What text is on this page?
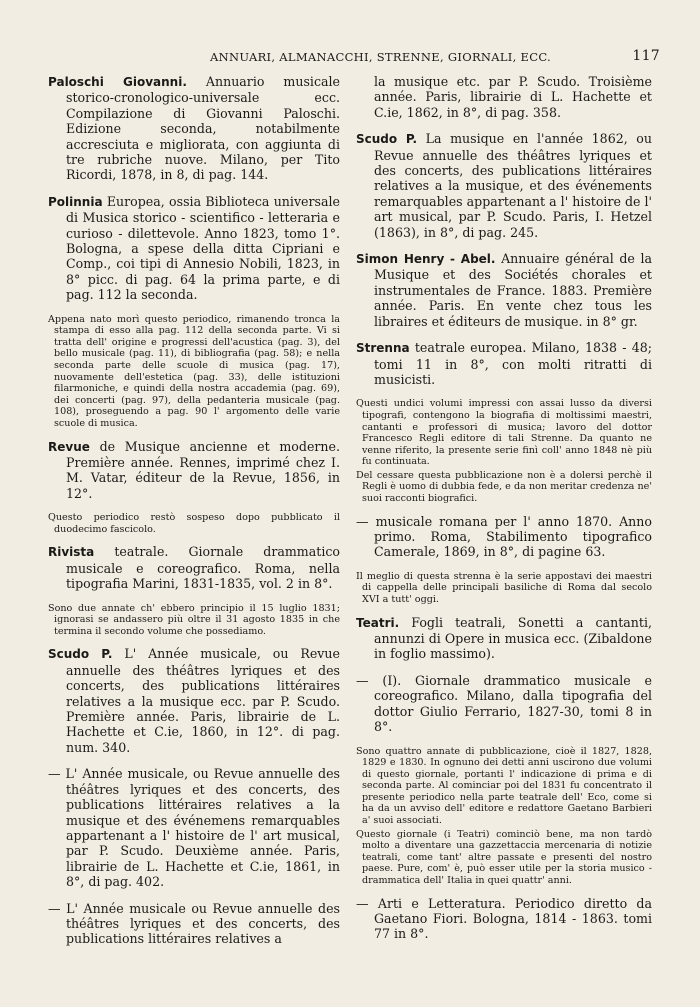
ANNUARI, ALMANACCHI, STRENNE, GIORNALI, ECC.	117
Paloschi Giovanni. Annuario musicale storico-cronologico-universale ecc. Compilazione di Giovanni Paloschi. Edizione seconda, notabilmente accresciuta e migliorata, con aggiunta di tre rubriche nuove. Milano, per Tito Ricordi, 1878, in 8, di pag. 144.
Polinnia Europea, ossia Biblioteca universale di Musica storico - scientifico - letteraria e curioso - dilettevole. Anno 1823, tomo 1°. Bologna, a spese della ditta Cipriani e Comp., coi tipi di Annesio Nobili, 1823, in 8° picc. di pag. 64 la prima parte, e di pag. 112 la seconda.

Appena nato morì questo periodico, rimanendo tronca la stampa di esso alla pag. 112 della seconda parte. Vi si tratta dell' origine e progressi dell'acustica (pag. 3), del bello musicale (pag. 11), di bibliografia (pag. 58); e nella seconda parte delle scuole di musica (pag. 17), nuovamente dell'estetica (pag. 33), delle istituzioni filarmoniche, e quindi della nostra accademia (pag. 69), dei concerti (pag. 97), della pedanteria musicale (pag. 108), proseguendo a pag. 90 l' argomento delle varie scuole di musica.

Revue de Musique ancienne et moderne. Première année. Rennes, imprimé chez I. M. Vatar, éditeur de la Revue, 1856, in 12°.

Questo periodico restò sospeso dopo pubblicato il duodecimo fascicolo.

Rivista teatrale. Giornale drammatico musicale e coreografico. Roma, nella tipografia Marini, 1831-1835, vol. 2 in 8°.

Sono due annate ch' ebbero principio il 15 luglio 1831; ignorasi se andassero più oltre il 31 agosto 1835 in che termina il secondo volume che possediamo.

Scudo P. L' Année musicale, ou Revue annuelle des théâtres lyriques et des concerts, des publications littéraires relatives a la musique ecc. par P. Scudo. Première année. Paris, librairie de L. Hachette et C.ie, 1860, in 12°. di pag. num. 340.
— L' Année musicale, ou Revue annuelle des théâtres lyriques et des concerts, des publications littéraires relatives a la musique et des événemens remarquables appartenant a l' histoire de l' art musical, par P. Scudo. Deuxième année. Paris, librairie de L. Hachette et C.ie, 1861, in 8°, di pag. 402.
— L' Année musicale ou Revue annuelle des théâtres lyriques et des concerts, des publications littéraires relatives a
la musique etc. par P. Scudo. Troisième année. Paris, librairie di L. Hachette et C.ie, 1862, in 8°, di pag. 358.
Scudo P. La musique en l'année 1862, ou Revue annuelle des théâtres lyriques et des concerts, des publications littéraires relatives a la musique, et des événements remarquables appartenant a l' histoire de l' art musical, par P. Scudo. Paris, I. Hetzel (1863), in 8°, di pag. 245.
Simon Henry - Abel. Annuaire général de la Musique et des Sociétés chorales et instrumentales de France. 1883. Première année. Paris. En vente chez tous les libraires et éditeurs de musique. in 8° gr.
Strenna teatrale europea. Milano, 1838 - 48; tomi 11 in 8°, con molti ritratti di musicisti.

Questi undici volumi impressi con assai lusso da diversi tipografi, contengono la biografia di moltissimi maestri, cantanti e professori di musica; lavoro del dottor Francesco Regli editore di tali Strenne. Da quanto ne venne riferito, la presente serie finì coll' anno 1848 nè più fu continuata.

Del cessare questa pubblicazione non è a dolersi perchè il Regli è uomo di dubbia fede, e da non meritar credenza ne' suoi racconti biografici.

— musicale romana per l' anno 1870. Anno primo. Roma, Stabilimento tipografico Camerale, 1869, in 8°, di pagine 63.

Il meglio di questa strenna è la serie appostavi dei maestri di cappella delle principali basiliche di Roma dal secolo XVI a tutt' oggi.

Teatri. Fogli teatrali, Sonetti a cantanti, annunzi di Opere in musica ecc. (Zibaldone in foglio massimo).
— (I). Giornale drammatico musicale e coreografico. Milano, dalla tipografia del dottor Giulio Ferrario, 1827-30, tomi 8 in 8°.

Sono quattro annate di pubblicazione, cioè il 1827, 1828, 1829 e 1830. In ognuno dei detti anni uscirono due volumi di questo giornale, portanti l' indicazione di prima e di seconda parte. Al cominciar poi del 1831 fu concentrato il presente periodico nella parte teatrale dell' Eco, come si ha da un avviso dell' editore e redattore Gaetano Barbieri a' suoi associati.

Questo giornale (i Teatri) cominciò bene, ma non tardò molto a diventare una gazzettaccia mercenaria di notizie teatrali, come tant' altre passate e presenti del nostro paese. Pure, com' è, può esser utile per la storia musico - drammatica dell' Italia in quei quattr' anni.

— Arti e Letteratura. Periodico diretto da Gaetano Fiori. Bologna, 1814 - 1863. tomi 77 in 8°.
